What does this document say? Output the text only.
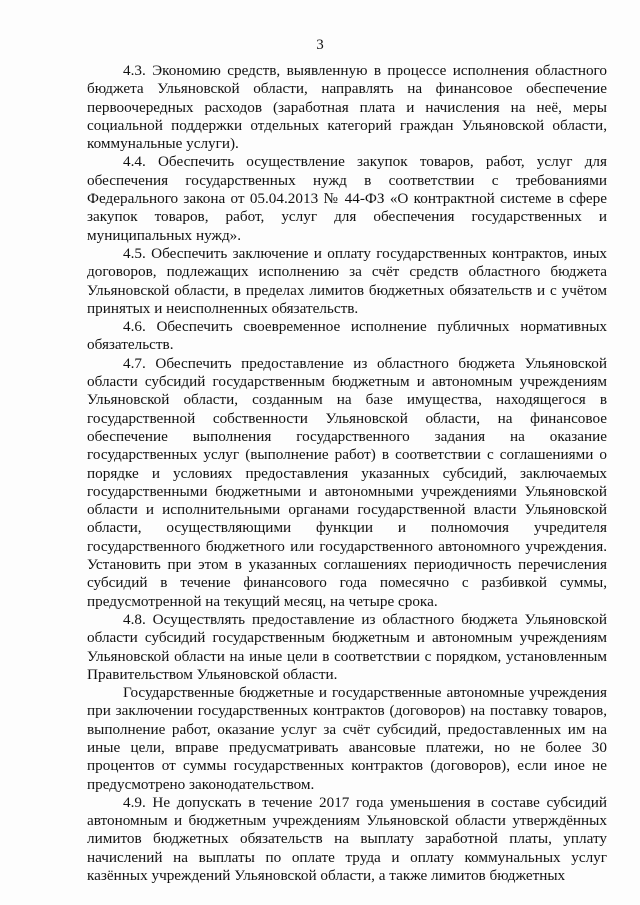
3

4.3. Экономию средств, выявленную в процессе исполнения областного бюджета Ульяновской области, направлять на финансовое обеспечение первоочередных расходов (заработная плата и начисления на неё, меры социальной поддержки отдельных категорий граждан Ульяновской области, коммунальные услуги).

4.4. Обеспечить осуществление закупок товаров, работ, услуг для обеспечения государственных нужд в соответствии с требованиями Федерального закона от 05.04.2013 № 44-ФЗ «О контрактной системе в сфере закупок товаров, работ, услуг для обеспечения государственных и муниципальных нужд».

4.5. Обеспечить заключение и оплату государственных контрактов, иных договоров, подлежащих исполнению за счёт средств областного бюджета Ульяновской области, в пределах лимитов бюджетных обязательств и с учётом принятых и неисполненных обязательств.

4.6. Обеспечить своевременное исполнение публичных нормативных обязательств.

4.7. Обеспечить предоставление из областного бюджета Ульяновской области субсидий государственным бюджетным и автономным учреждениям Ульяновской области, созданным на базе имущества, находящегося в государственной собственности Ульяновской области, на финансовое обеспечение выполнения государственного задания на оказание государственных услуг (выполнение работ) в соответствии с соглашениями о порядке и условиях предоставления указанных субсидий, заключаемых государственными бюджетными и автономными учреждениями Ульяновской области и исполнительными органами государственной власти Ульяновской области, осуществляющими функции и полномочия учредителя государственного бюджетного или государственного автономного учреждения. Установить при этом в указанных соглашениях периодичность перечисления субсидий в течение финансового года помесячно с разбивкой суммы, предусмотренной на текущий месяц, на четыре срока.

4.8. Осуществлять предоставление из областного бюджета Ульяновской области субсидий государственным бюджетным и автономным учреждениям Ульяновской области на иные цели в соответствии с порядком, установленным Правительством Ульяновской области.

Государственные бюджетные и государственные автономные учреждения при заключении государственных контрактов (договоров) на поставку товаров, выполнение работ, оказание услуг за счёт субсидий, предоставленных им на иные цели, вправе предусматривать авансовые платежи, но не более 30 процентов от суммы государственных контрактов (договоров), если иное не предусмотрено законодательством.

4.9. Не допускать в течение 2017 года уменьшения в составе субсидий автономным и бюджетным учреждениям Ульяновской области утверждённых лимитов бюджетных обязательств на выплату заработной платы, уплату начислений на выплаты по оплате труда и оплату коммунальных услуг казённых учреждений Ульяновской области, а также лимитов бюджетных
